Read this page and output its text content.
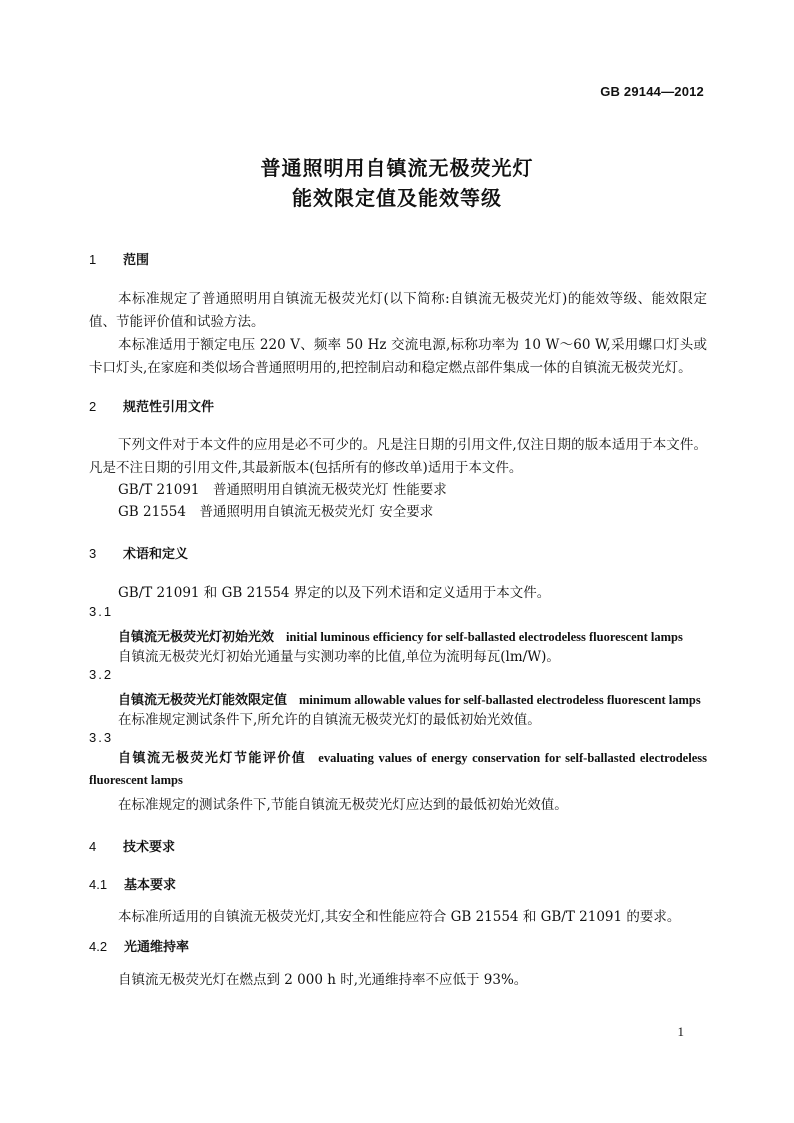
GB 29144—2012
普通照明用自镇流无极荧光灯
能效限定值及能效等级
1 范围
本标准规定了普通照明用自镇流无极荧光灯(以下简称:自镇流无极荧光灯)的能效等级、能效限定值、节能评价值和试验方法。
本标准适用于额定电压 220 V、频率 50 Hz 交流电源,标称功率为 10 W～60 W,采用螺口灯头或卡口灯头,在家庭和类似场合普通照明用的,把控制启动和稳定燃点部件集成一体的自镇流无极荧光灯。
2 规范性引用文件
下列文件对于本文件的应用是必不可少的。凡是注日期的引用文件,仅注日期的版本适用于本文件。凡是不注日期的引用文件,其最新版本(包括所有的修改单)适用于本文件。
GB/T 21091　普通照明用自镇流无极荧光灯 性能要求
GB 21554　普通照明用自镇流无极荧光灯 安全要求
3 术语和定义
GB/T 21091 和 GB 21554 界定的以及下列术语和定义适用于本文件。
3.1
自镇流无极荧光灯初始光效 initial luminous efficiency for self-ballasted electrodeless fluorescent lamps
自镇流无极荧光灯初始光通量与实测功率的比值,单位为流明每瓦(lm/W)。
3.2
自镇流无极荧光灯能效限定值 minimum allowable values for self-ballasted electrodeless fluorescent lamps
在标准规定测试条件下,所允许的自镇流无极荧光灯的最低初始光效值。
3.3
自镇流无极荧光灯节能评价值 evaluating values of energy conservation for self-ballasted electrodeless fluorescent lamps
在标准规定的测试条件下,节能自镇流无极荧光灯应达到的最低初始光效值。
4 技术要求
4.1 基本要求
本标准所适用的自镇流无极荧光灯,其安全和性能应符合 GB 21554 和 GB/T 21091 的要求。
4.2 光通维持率
自镇流无极荧光灯在燃点到 2 000 h 时,光通维持率不应低于 93%。
1
